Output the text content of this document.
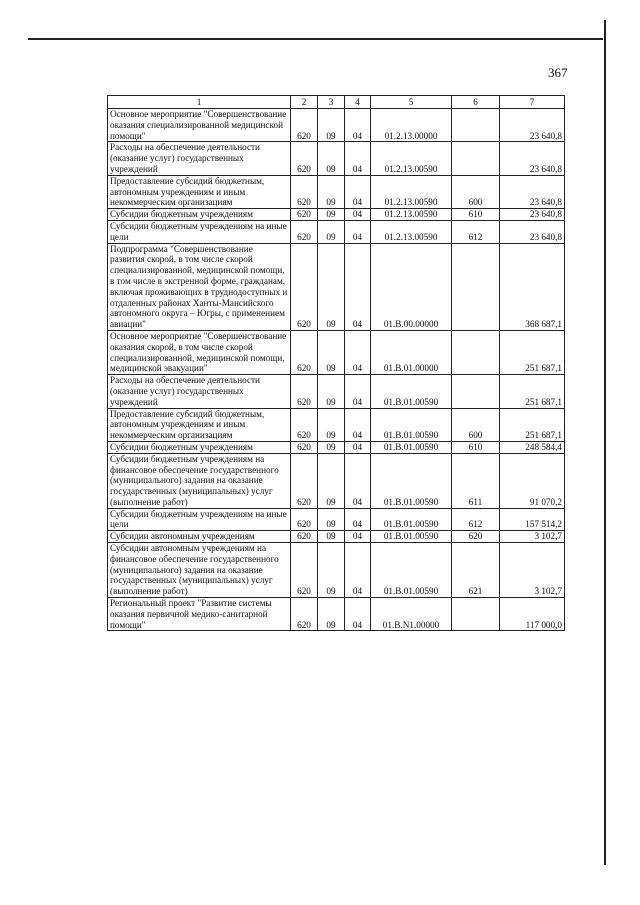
367
1	2	3	4	5	6	7
Основное мероприятие "Совершенствование оказания специализированной медицинской помощи"	620	09	04	01.2.13.00000		23 640,8
Расходы на обеспечение деятельности (оказание услуг) государственных учреждений	620	09	04	01.2.13.00590		23 640,8
Предоставление субсидий бюджетным, автономным учреждениям и иным некоммерческим организациям	620	09	04	01.2.13.00590	600	23 640,8
Субсидии бюджетным учреждениям	620	09	04	01.2.13.00590	610	23 640,8
Субсидии бюджетным учреждениям на иные цели	620	09	04	01.2.13.00590	612	23 640,8
Подпрограмма "Совершенствование развития скорой, в том числе скорой специализированной, медицинской помощи, в том числе в экстренной форме, гражданам, включая проживающих в труднодоступных и отдаленных районах Ханты-Мансийского автономного округа – Югры, с применением авиации"	620	09	04	01.В.00.00000		368 687,1
Основное мероприятие "Совершенствование оказания скорой, в том числе скорой специализированной, медицинской помощи, медицинской эвакуации"	620	09	04	01.В.01.00000		251 687,1
Расходы на обеспечение деятельности (оказание услуг) государственных учреждений	620	09	04	01.В.01.00590		251 687,1
Предоставление субсидий бюджетным, автономным учреждениям и иным некоммерческим организациям	620	09	04	01.В.01.00590	600	251 687,1
Субсидии бюджетным учреждениям	620	09	04	01.В.01.00590	610	248 584,4
Субсидии бюджетным учреждениям на финансовое обеспечение государственного (муниципального) задания на оказание государственных (муниципальных) услуг (выполнение работ)	620	09	04	01.В.01.00590	611	91 070,2
Субсидии бюджетным учреждениям на иные цели	620	09	04	01.В.01.00590	612	157 514,2
Субсидии автономным учреждениям	620	09	04	01.В.01.00590	620	3 102,7
Субсидии автономным учреждениям на финансовое обеспечение государственного (муниципального) задания на оказание государственных (муниципальных) услуг (выполнение работ)	620	09	04	01.В.01.00590	621	3 102,7
Региональный проект "Развитие системы оказания первичной медико-санитарной помощи"	620	09	04	01.В.N1.00000		117 000,0
